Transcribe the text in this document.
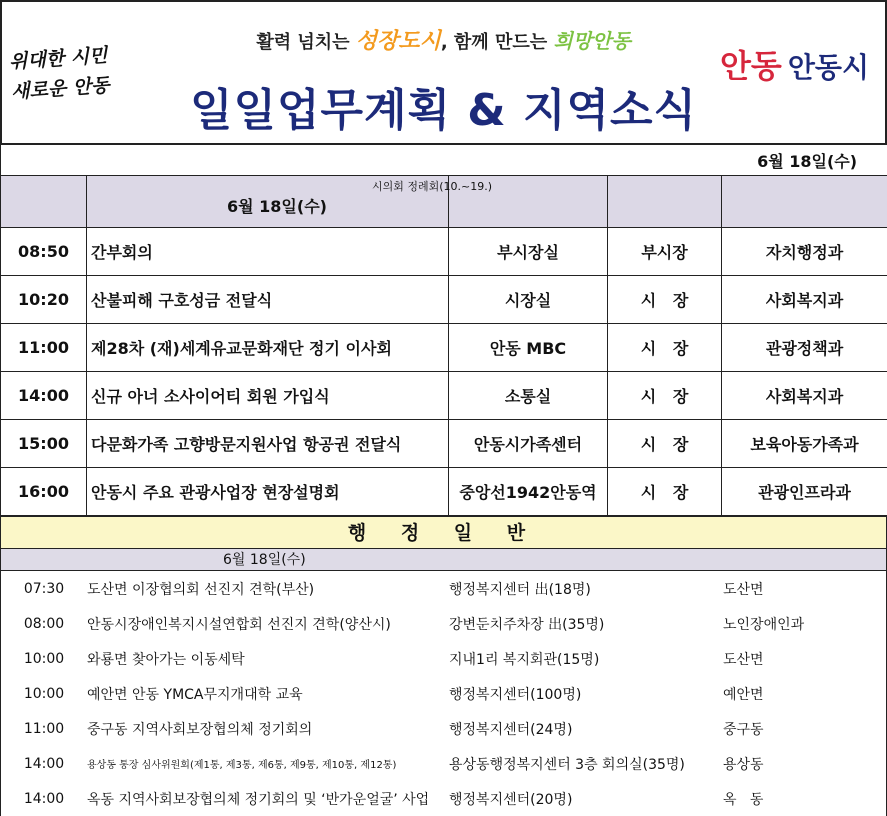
위대한 시민
새로운 안동
활력 넘치는 성장도시, 함께 만드는 희망안동
일일업무계획 & 지역소식
안동 안동시
6월 18일(수)				

	시의회 정례회(10.~19.)
6월 18일(수)			

08:50	간부회의	부시장실	부시장	자치행정과
10:20	산불피해 구호성금 전달식	시장실	시   장	사회복지과
11:00	제28차 (재)세계유교문화재단 정기 이사회	안동 MBC	시   장	관광정책과
14:00	신규 아너 소사이어티 회원 가입식	소통실	시   장	사회복지과
15:00	다문화가족 고향방문지원사업 항공권 전달식	안동시가족센터	시   장	보육아동가족과
16:00	안동시 주요 관광사업장 현장설명회	중앙선1942안동역	시   장	관광인프라과
행 정 일 반
6월 18일(수)
07:30	도산면 이장협의회 선진지 견학(부산)	행정복지센터 出(18명)	도산면
08:00	안동시장애인복지시설연합회 선진지 견학(양산시)	강변둔치주차장 出(35명)	노인장애인과
10:00	와룡면 찾아가는 이동세탁	지내1리 복지회관(15명)	도산면
10:00	예안면 안동 YMCA무지개대학 교육	행정복지센터(100명)	예안면
11:00	중구동 지역사회보장협의체 정기회의	행정복지센터(24명)	중구동
14:00	용상동 통장 심사위원회(제1통, 제3통, 제6통, 제9통, 제10통, 제12통)	용상동행정복지센터 3층 회의실(35명)	용상동
14:00	옥동 지역사회보장협의체 정기회의 및 ‘반가운얼굴’ 사업	행정복지센터(20명)	옥   동
